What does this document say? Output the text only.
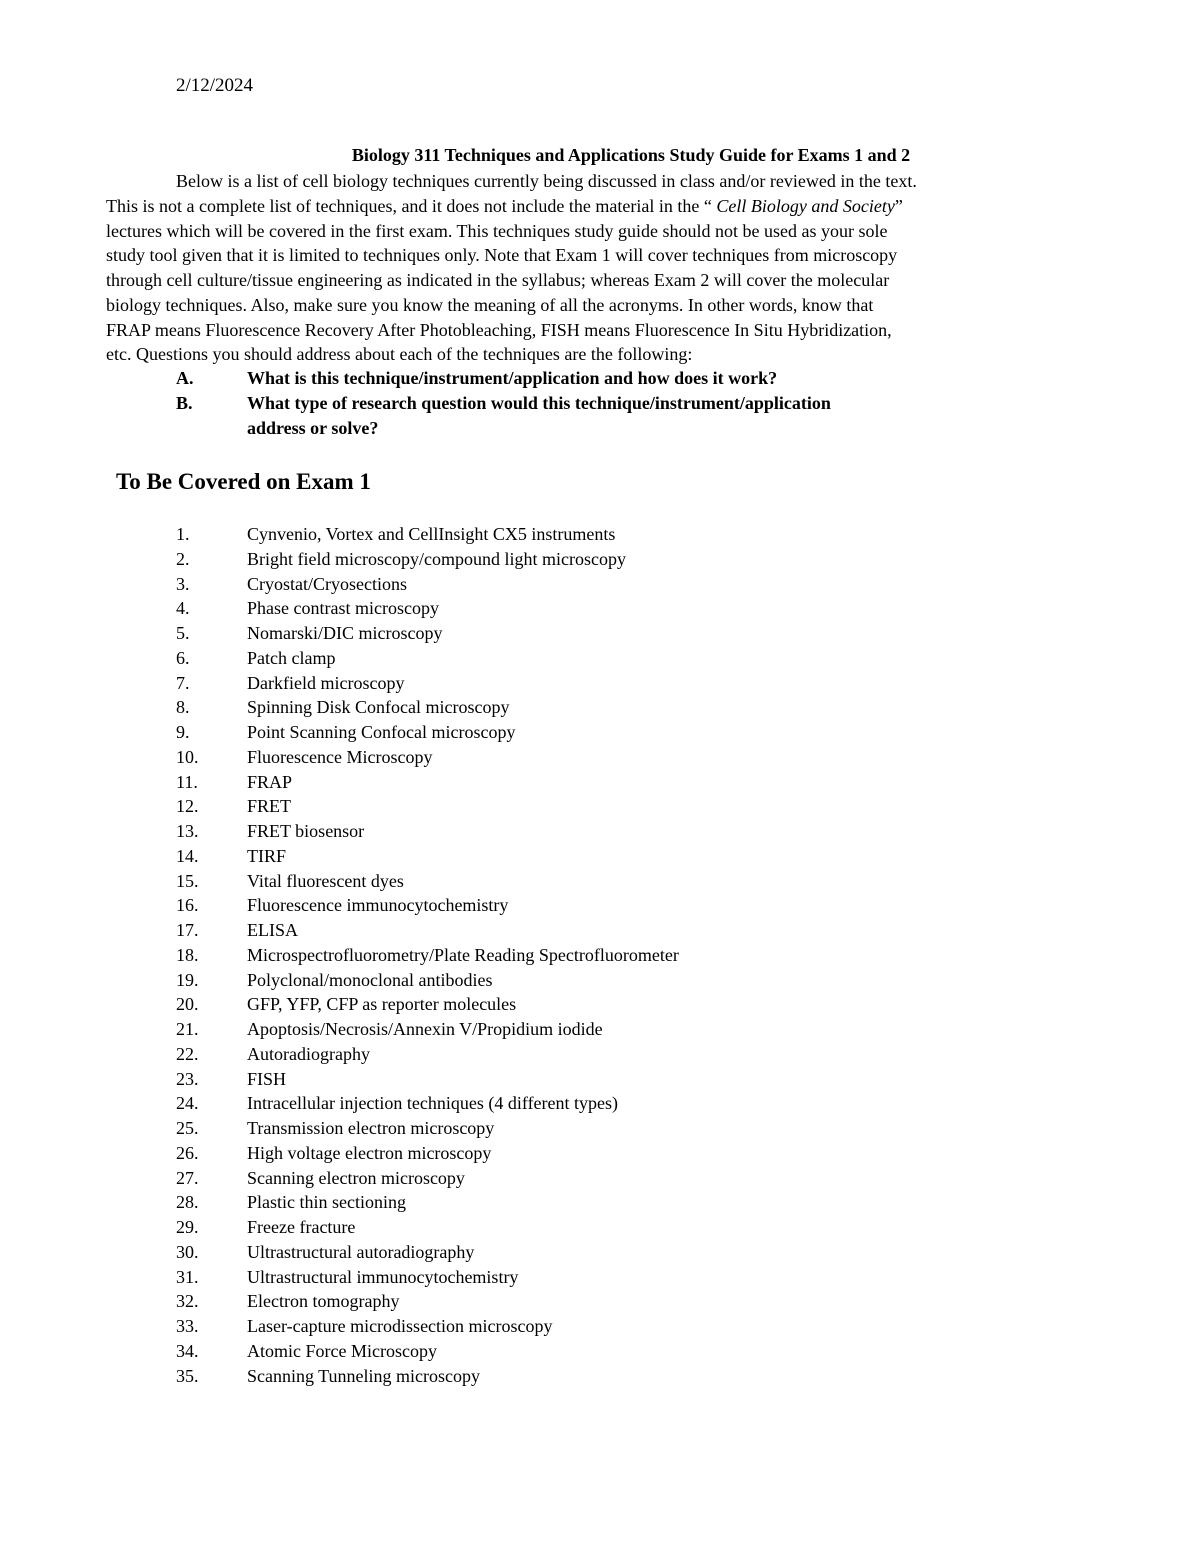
2/12/2024
Biology 311 Techniques and Applications Study Guide for Exams 1 and 2
Below is a list of cell biology techniques currently being discussed in class and/or reviewed in the text.
This is not a complete list of techniques, and it does not include the material in the “ Cell Biology and Society”
lectures which will be covered in the first exam. This techniques study guide should not be used as your sole
study tool given that it is limited to techniques only. Note that Exam 1 will cover techniques from microscopy
through cell culture/tissue engineering as indicated in the syllabus; whereas Exam 2 will cover the molecular
biology techniques. Also, make sure you know the meaning of all the acronyms. In other words, know that
FRAP means Fluorescence Recovery After Photobleaching, FISH means Fluorescence In Situ Hybridization,
etc. Questions you should address about each of the techniques are the following:
A.	What is this technique/instrument/application and how does it work?
B.	What type of research question would this technique/instrument/application
address or solve?
To Be Covered on Exam 1
1.	Cynvenio, Vortex and CellInsight CX5 instruments
2.	Bright field microscopy/compound light microscopy
3.	Cryostat/Cryosections
4.	Phase contrast microscopy
5.	Nomarski/DIC microscopy
6.	Patch clamp
7.	Darkfield microscopy
8.	Spinning Disk Confocal microscopy
9.	Point Scanning Confocal microscopy
10.	Fluorescence Microscopy
11.	FRAP
12.	FRET
13.	FRET biosensor
14.	TIRF
15.	Vital fluorescent dyes
16.	Fluorescence immunocytochemistry
17.	ELISA
18.	Microspectrofluorometry/Plate Reading Spectrofluorometer
19.	Polyclonal/monoclonal antibodies
20.	GFP, YFP, CFP as reporter molecules
21.	Apoptosis/Necrosis/Annexin V/Propidium iodide
22.	Autoradiography
23.	FISH
24.	Intracellular injection techniques (4 different types)
25.	Transmission electron microscopy
26.	High voltage electron microscopy
27.	Scanning electron microscopy
28.	Plastic thin sectioning
29.	Freeze fracture
30.	Ultrastructural autoradiography
31.	Ultrastructural immunocytochemistry
32.	Electron tomography
33.	Laser-capture microdissection microscopy
34.	Atomic Force Microscopy
35.	Scanning Tunneling microscopy
